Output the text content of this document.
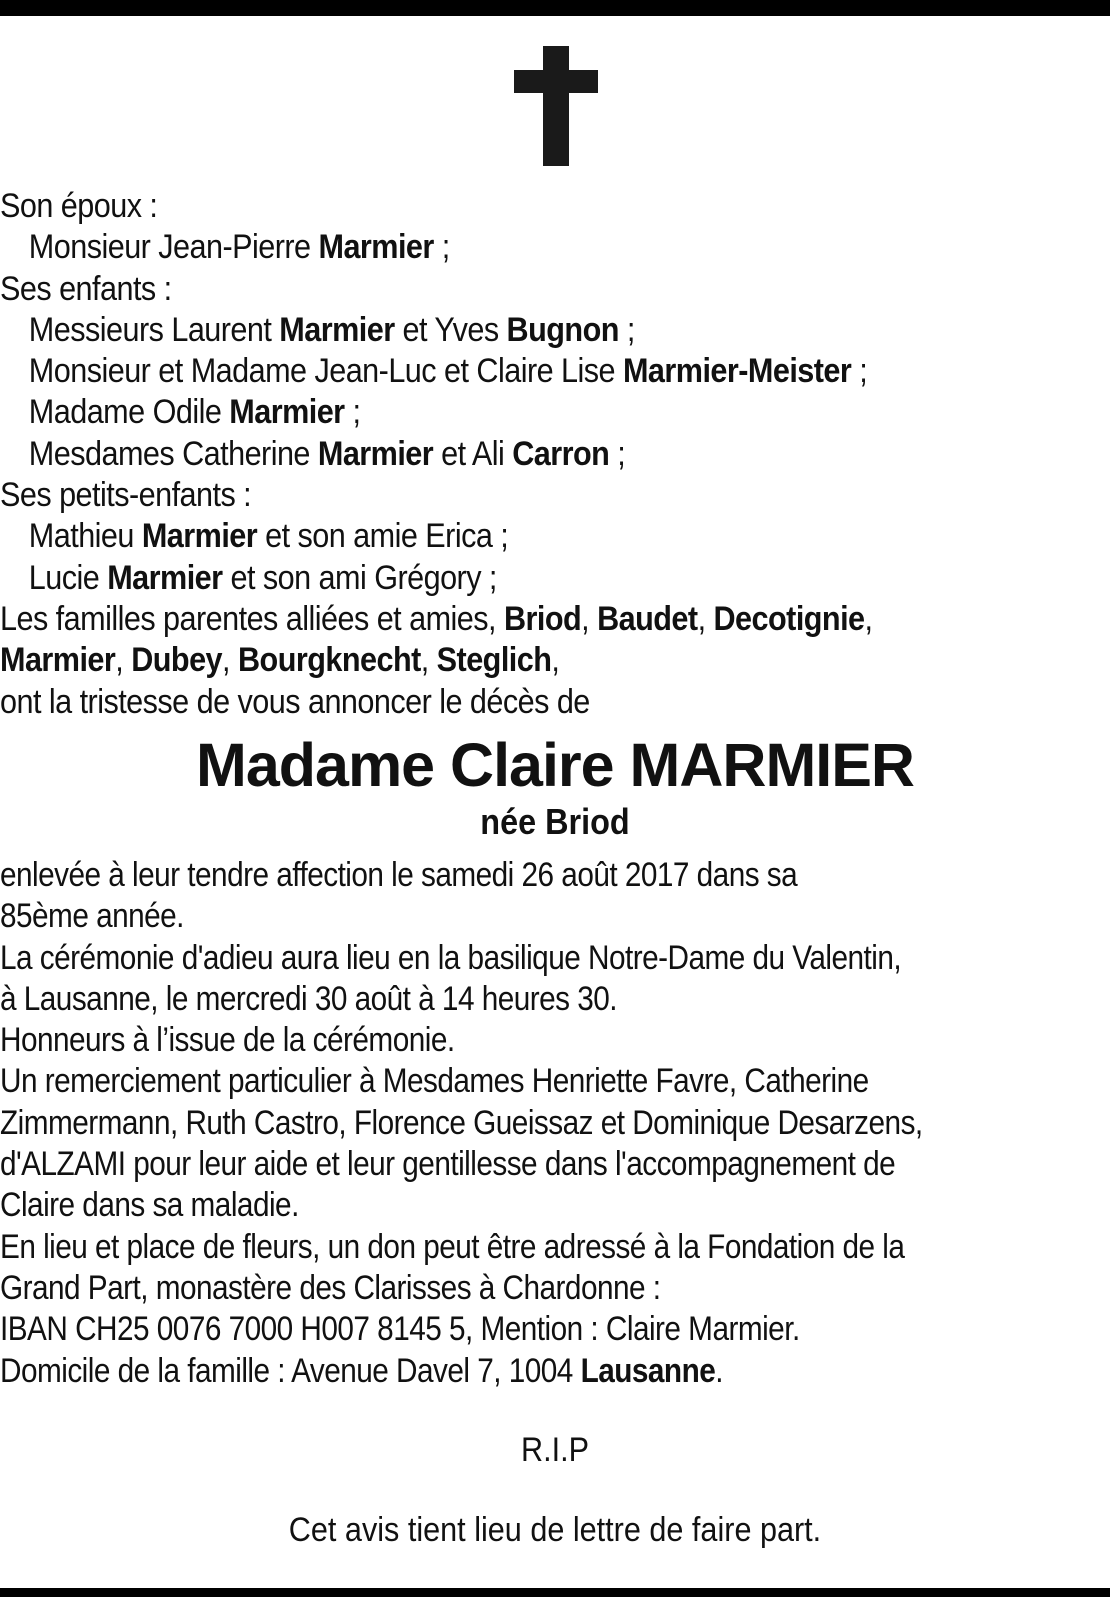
Son époux :
Monsieur Jean-Pierre Marmier ;
Ses enfants :
Messieurs Laurent Marmier et Yves Bugnon ;
Monsieur et Madame Jean-Luc et Claire Lise Marmier-Meister ;
Madame Odile Marmier ;
Mesdames Catherine Marmier et Ali Carron ;
Ses petits-enfants :
Mathieu Marmier et son amie Erica ;
Lucie Marmier et son ami Grégory ;
Les familles parentes alliées et amies, Briod, Baudet, Decotignie,
Marmier, Dubey, Bourgknecht, Steglich,
ont la tristesse de vous annoncer le décès de
Madame Claire MARMIER
née Briod
enlevée à leur tendre affection le samedi 26 août 2017 dans sa
85ème année.
La cérémonie d'adieu aura lieu en la basilique Notre-Dame du Valentin,
à Lausanne, le mercredi 30 août à 14 heures 30.
Honneurs à l’issue de la cérémonie.
Un remerciement particulier à Mesdames Henriette Favre, Catherine
Zimmermann, Ruth Castro, Florence Gueissaz et Dominique Desarzens,
d'ALZAMI pour leur aide et leur gentillesse dans l'accompagnement de
Claire dans sa maladie.
En lieu et place de fleurs, un don peut être adressé à la Fondation de la
Grand Part, monastère des Clarisses à Chardonne :
IBAN CH25 0076 7000 H007 8145 5, Mention : Claire Marmier.
Domicile de la famille : Avenue Davel 7, 1004 Lausanne.
R.I.P
Cet avis tient lieu de lettre de faire part.
